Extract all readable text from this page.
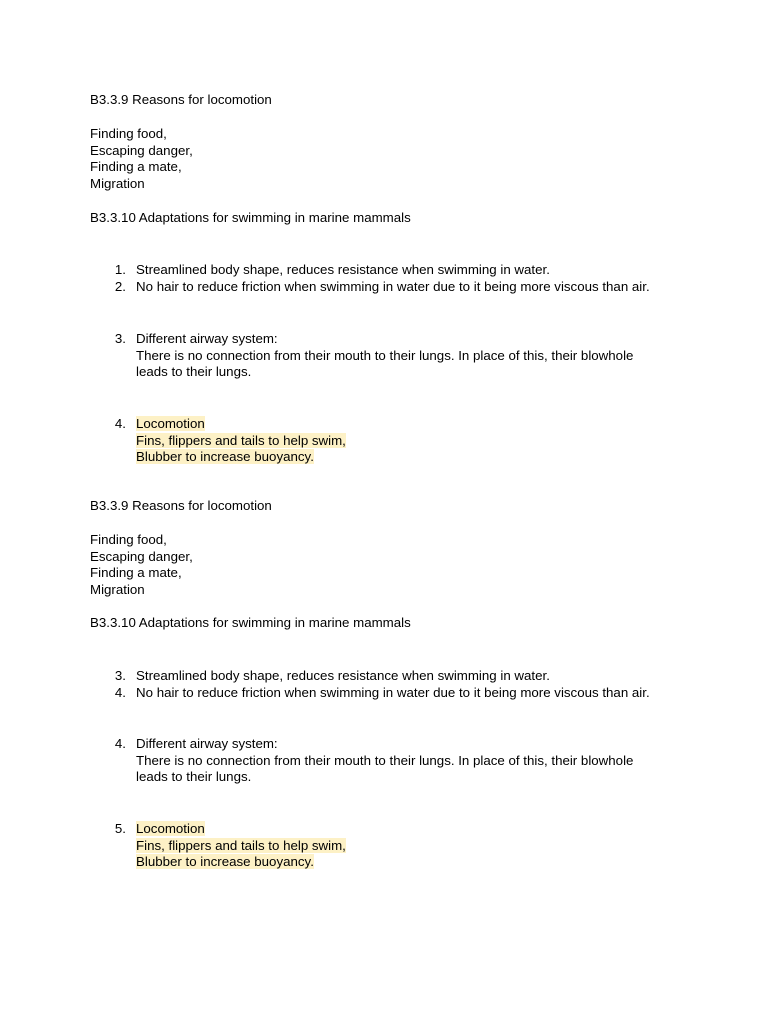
B3.3.9 Reasons for locomotion
Finding food,
Escaping danger,
Finding a mate,
Migration
B3.3.10 Adaptations for swimming in marine mammals
1. Streamlined body shape, reduces resistance when swimming in water.
2. No hair to reduce friction when swimming in water due to it being more viscous than air.
3. Different airway system:
There is no connection from their mouth to their lungs. In place of this, their blowhole
leads to their lungs.
4. Locomotion
Fins, flippers and tails to help swim,
Blubber to increase buoyancy.
B3.3.9 Reasons for locomotion
Finding food,
Escaping danger,
Finding a mate,
Migration
B3.3.10 Adaptations for swimming in marine mammals
3. Streamlined body shape, reduces resistance when swimming in water.
4. No hair to reduce friction when swimming in water due to it being more viscous than air.
4. Different airway system:
There is no connection from their mouth to their lungs. In place of this, their blowhole
leads to their lungs.
5. Locomotion
Fins, flippers and tails to help swim,
Blubber to increase buoyancy.
